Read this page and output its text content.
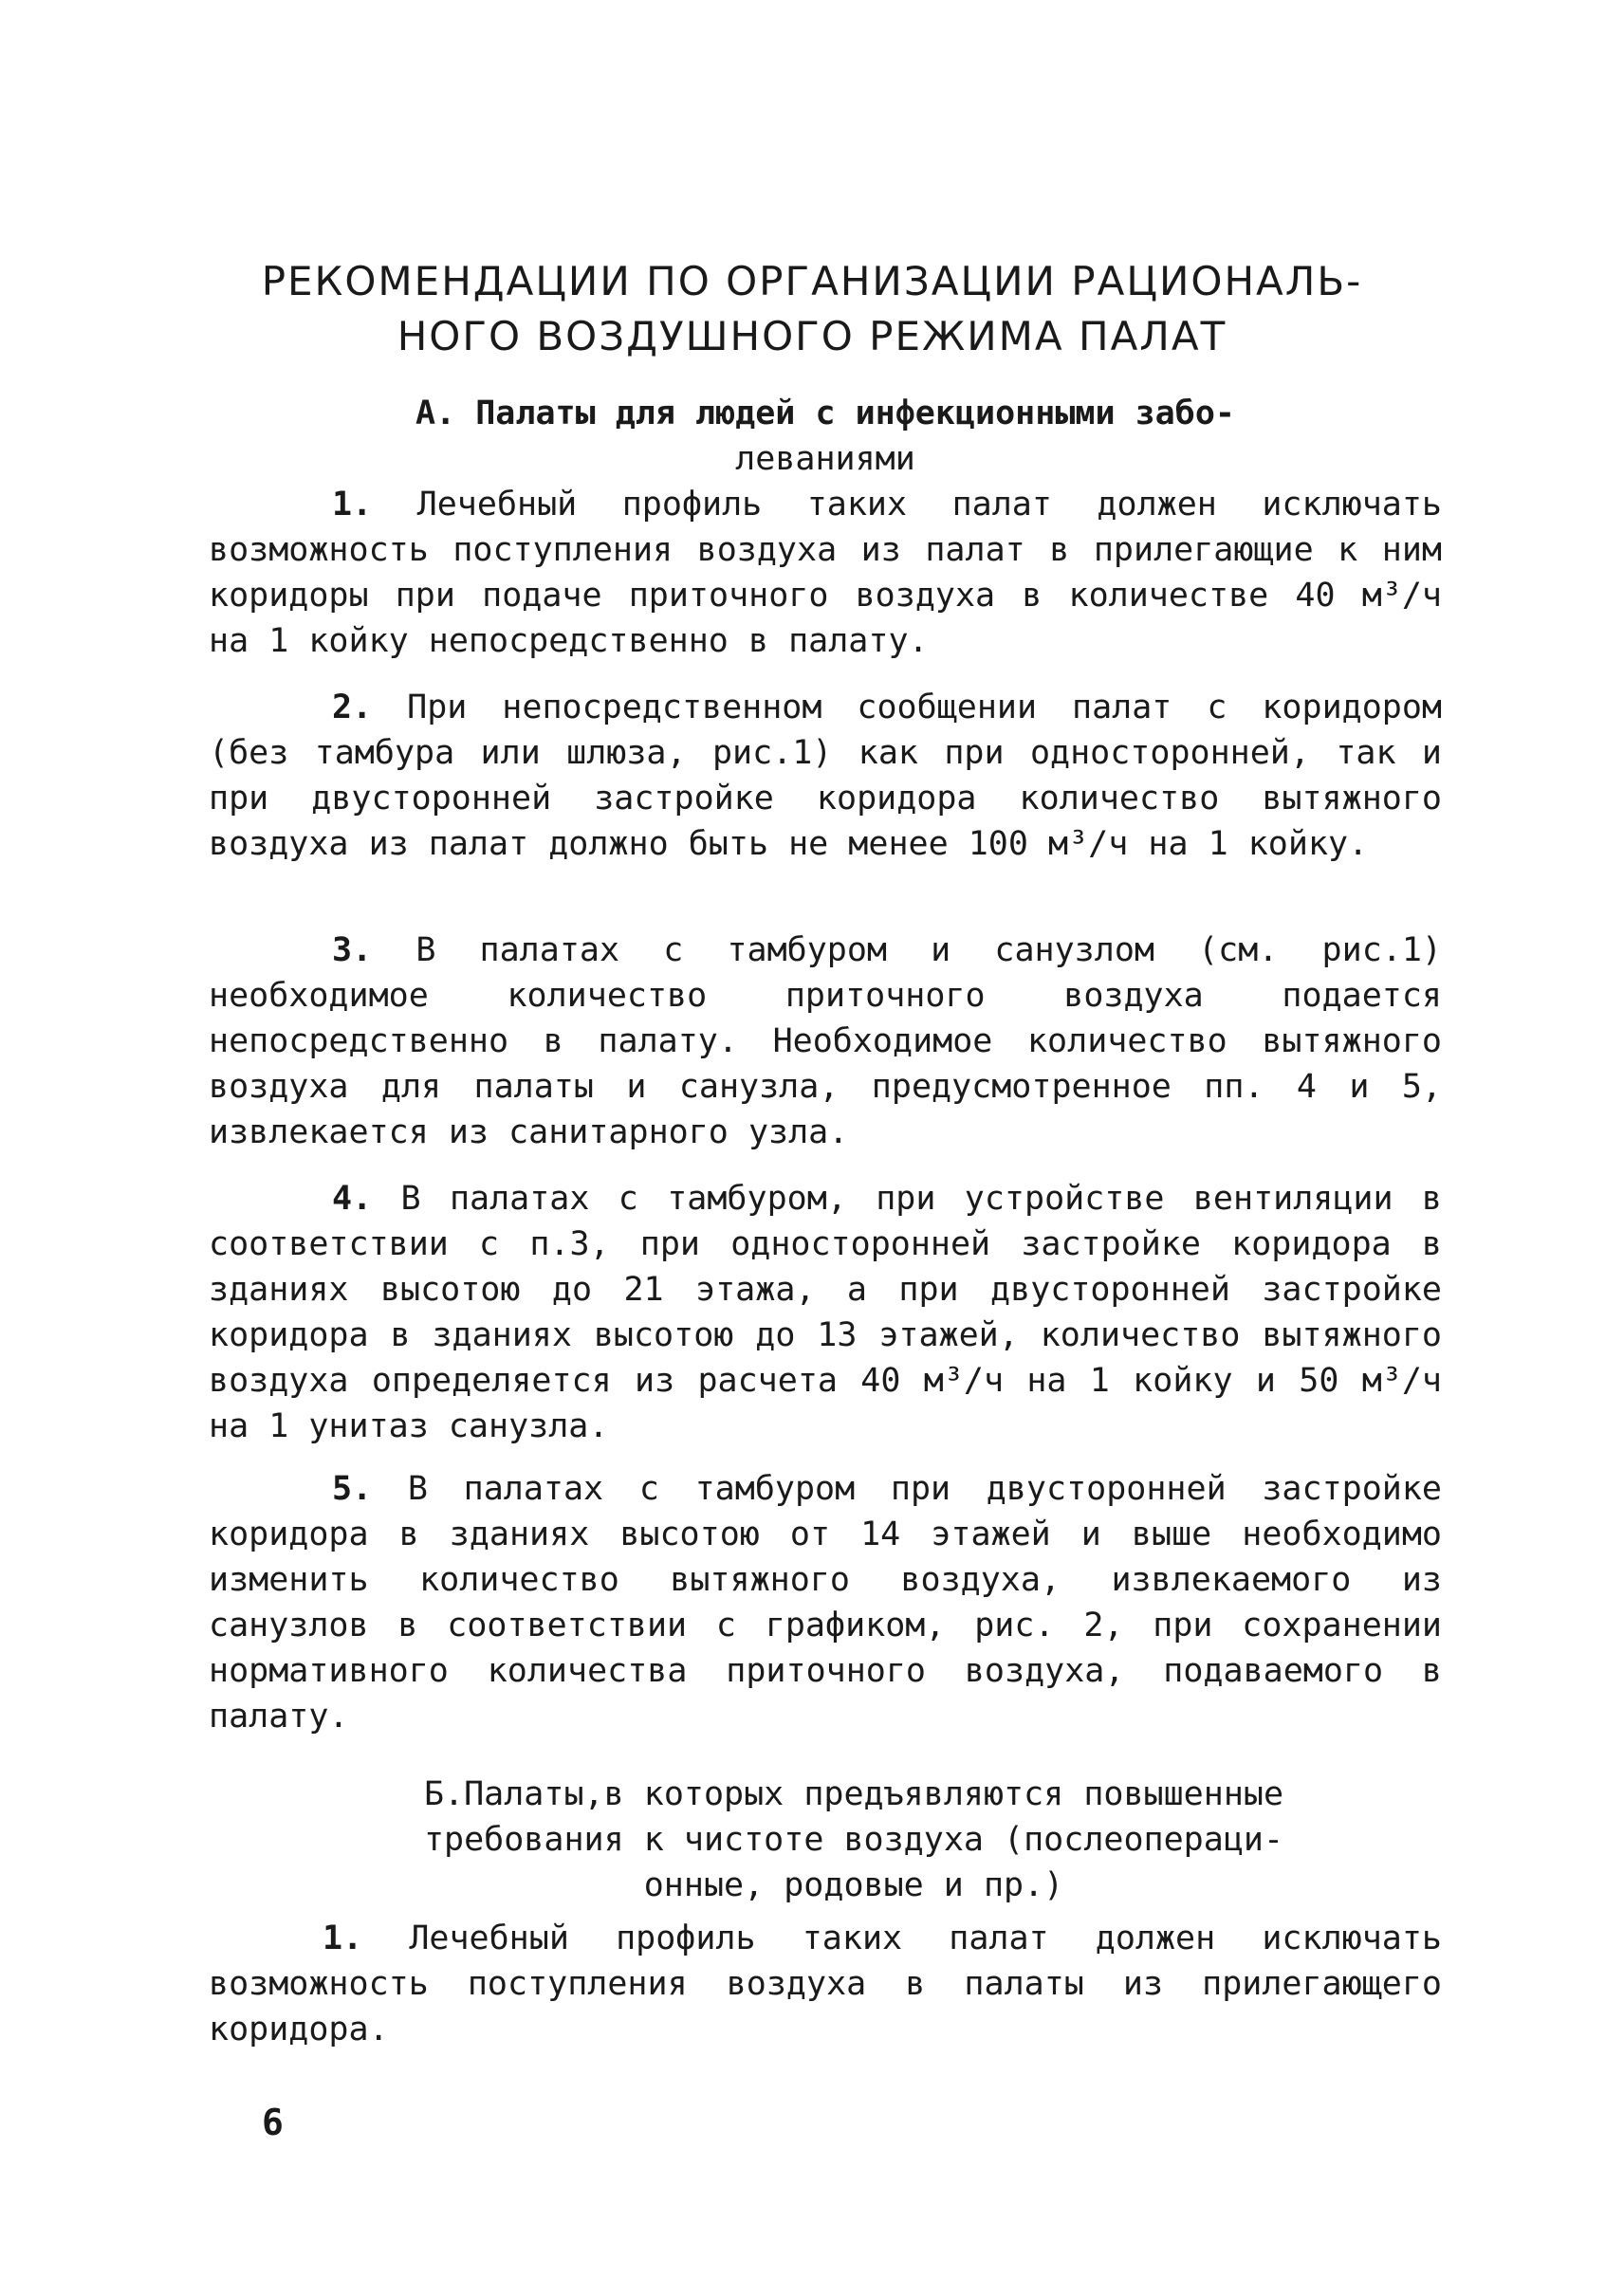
РЕКОМЕНДАЦИИ ПО ОРГАНИЗАЦИИ РАЦИОНАЛЬ-
НОГО ВОЗДУШНОГО РЕЖИМА ПАЛАТ
А. Палаты для людей с инфекционными забо-
леваниями

1. Лечебный профиль таких палат должен исключать возможность поступления воздуха из палат в прилегающие к ним коридоры при подаче приточного воздуха в количестве 40 м³/ч на 1 койку непосредственно в палату.

2. При непосредственном сообщении палат с коридором (без тамбура или шлюза, рис.1) как при односторонней, так и при двусторонней застройке коридора количество вытяжного воздуха из палат должно быть не менее 100 м³/ч на 1 койку.

3. В палатах с тамбуром и санузлом (см. рис.1) необходимое количество приточного воздуха подается непосредственно в палату. Необходимое количество вытяжного воздуха для палаты и санузла, предусмотренное пп. 4 и 5, извлекается из санитарного узла.

4. В палатах с тамбуром, при устройстве вентиляции в соответствии с п.3, при односторонней застройке коридора в зданиях высотою до 21 этажа, а при двусторонней застройке коридора в зданиях высотою до 13 этажей, количество вытяжного воздуха определяется из расчета 40 м³/ч на 1 койку и 50 м³/ч на 1 унитаз санузла.

5. В палатах с тамбуром при двусторонней застройке коридора в зданиях высотою от 14 этажей и выше необходимо изменить количество вытяжного воздуха, извлекаемого из санузлов в соответствии с графиком, рис. 2, при сохранении нормативного количества приточного воздуха, подаваемого в палату.

Б.Палаты,в которых предъявляются повышенные
требования к чистоте воздуха (послеопераци-
онные, родовые и пр.)

1. Лечебный профиль таких палат должен исключать возможность поступления воздуха в палаты из прилегающего коридора.

6
